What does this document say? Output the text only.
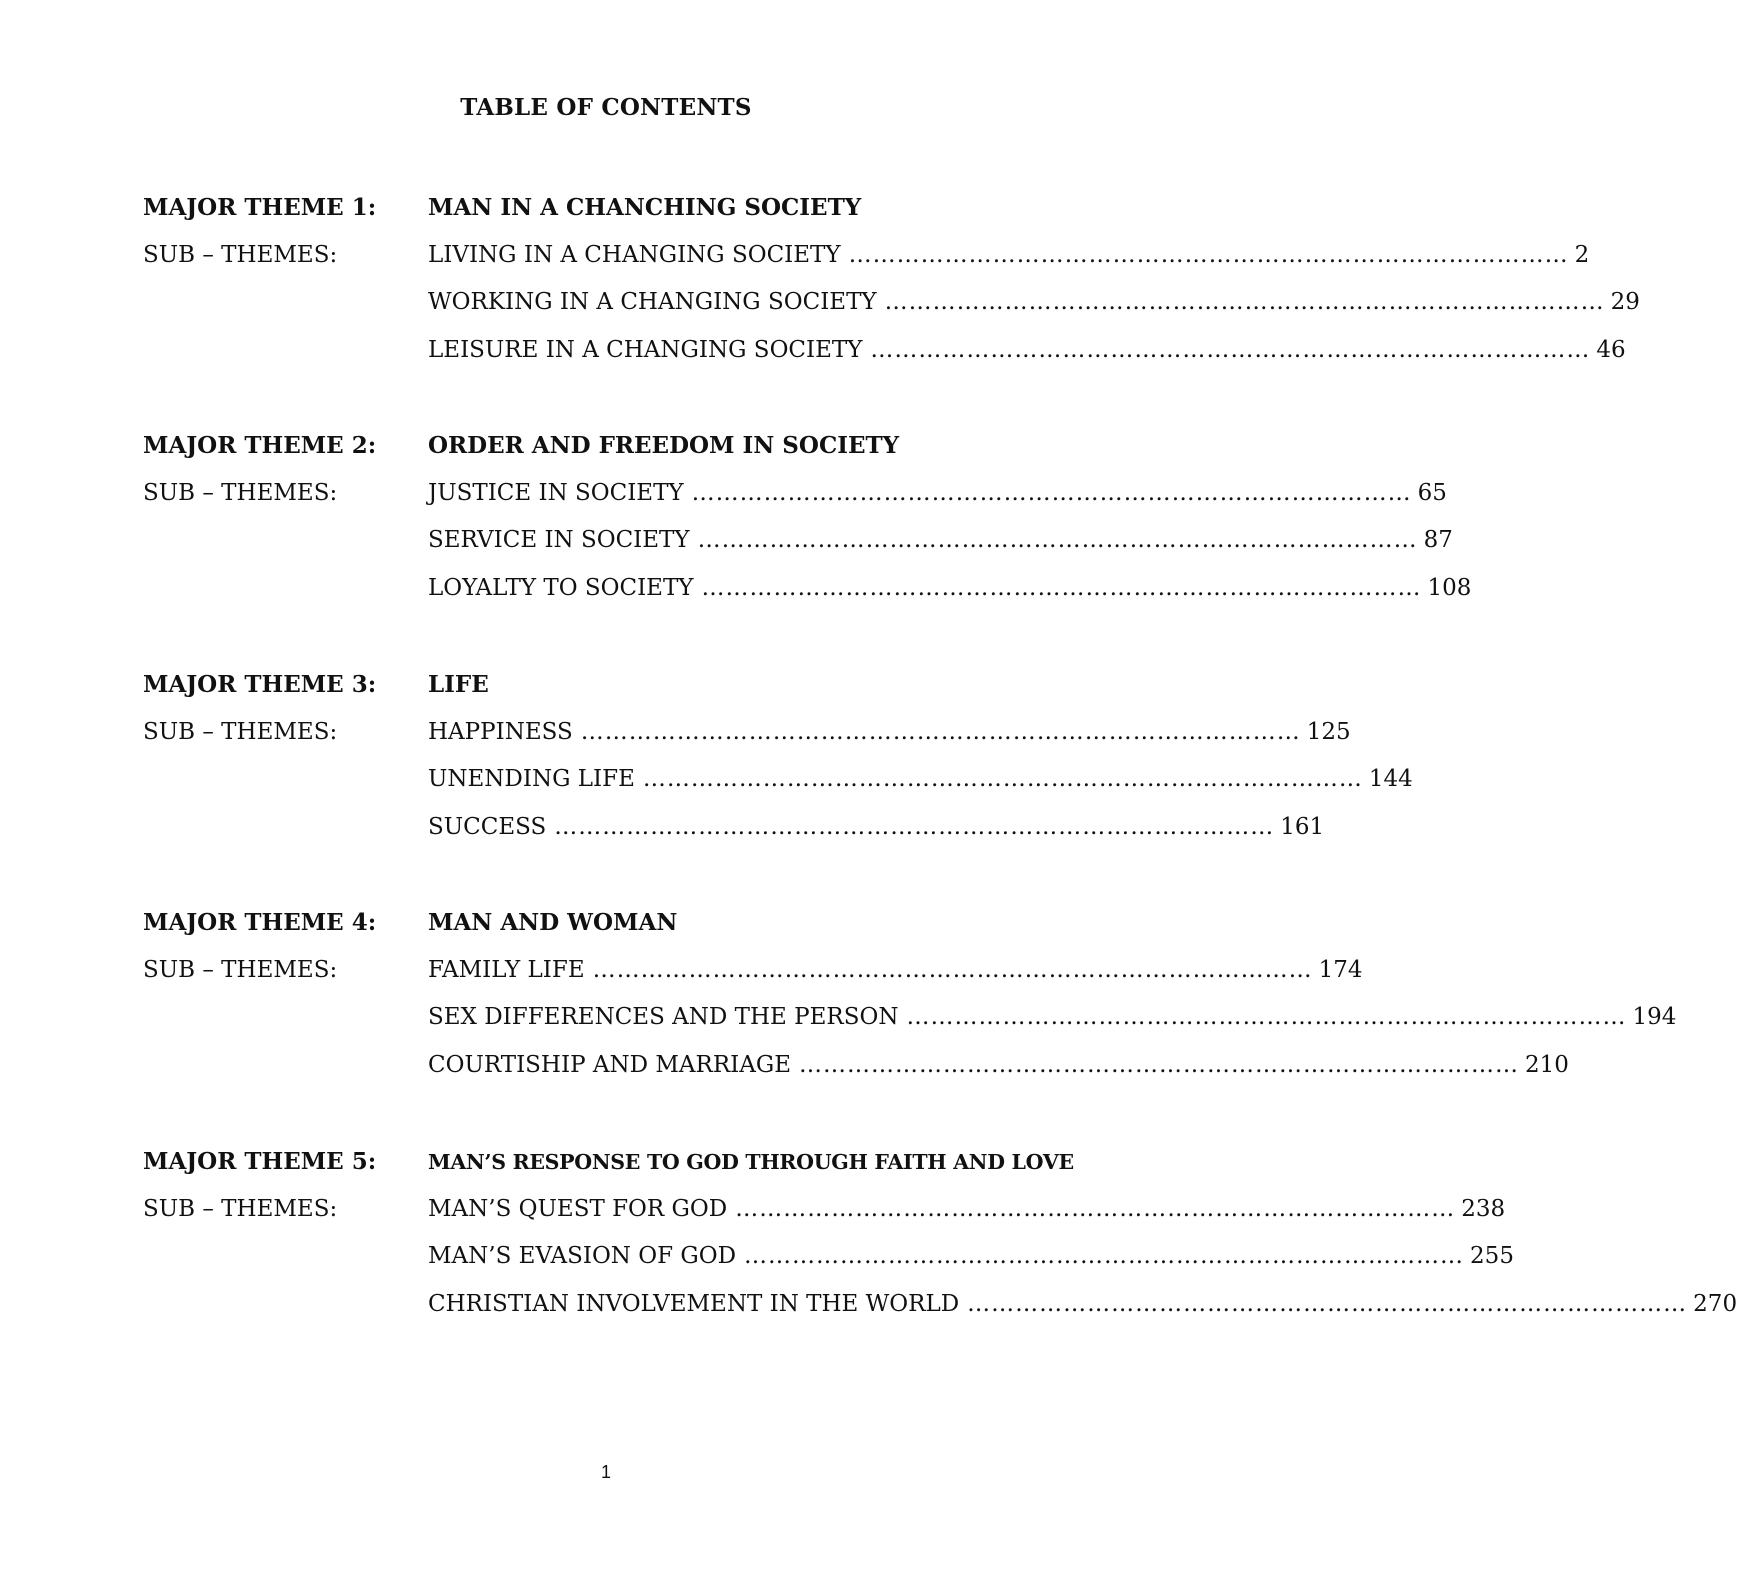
TABLE OF CONTENTS
MAJOR THEME 1: MAN IN A CHANCHING SOCIETY
SUB – THEMES:	LIVING IN A CHANGING SOCIETY ……………………………………………………………………………… 2
WORKING IN A CHANGING SOCIETY ……………………………………………………………………………… 29
LEISURE IN A CHANGING SOCIETY ……………………………………………………………………………… 46
MAJOR THEME 2: ORDER AND FREEDOM IN SOCIETY
SUB – THEMES:	JUSTICE IN SOCIETY ……………………………………………………………………………… 65
SERVICE IN SOCIETY ……………………………………………………………………………… 87
LOYALTY TO SOCIETY ……………………………………………………………………………… 108
MAJOR THEME 3: LIFE
SUB – THEMES:	HAPPINESS ……………………………………………………………………………… 125
UNENDING LIFE ……………………………………………………………………………… 144
SUCCESS ……………………………………………………………………………… 161
MAJOR THEME 4: MAN AND WOMAN
SUB – THEMES:	FAMILY LIFE ……………………………………………………………………………… 174
SEX DIFFERENCES AND THE PERSON ……………………………………………………………………………… 194
COURTISHIP AND MARRIAGE ……………………………………………………………………………… 210
MAJOR THEME 5:	MAN’S RESPONSE TO GOD THROUGH FAITH AND LOVE
SUB – THEMES:	MAN’S QUEST FOR GOD ……………………………………………………………………………… 238
MAN’S EVASION OF GOD ……………………………………………………………………………… 255
CHRISTIAN INVOLVEMENT IN THE WORLD ……………………………………………………………………………… 270
1
